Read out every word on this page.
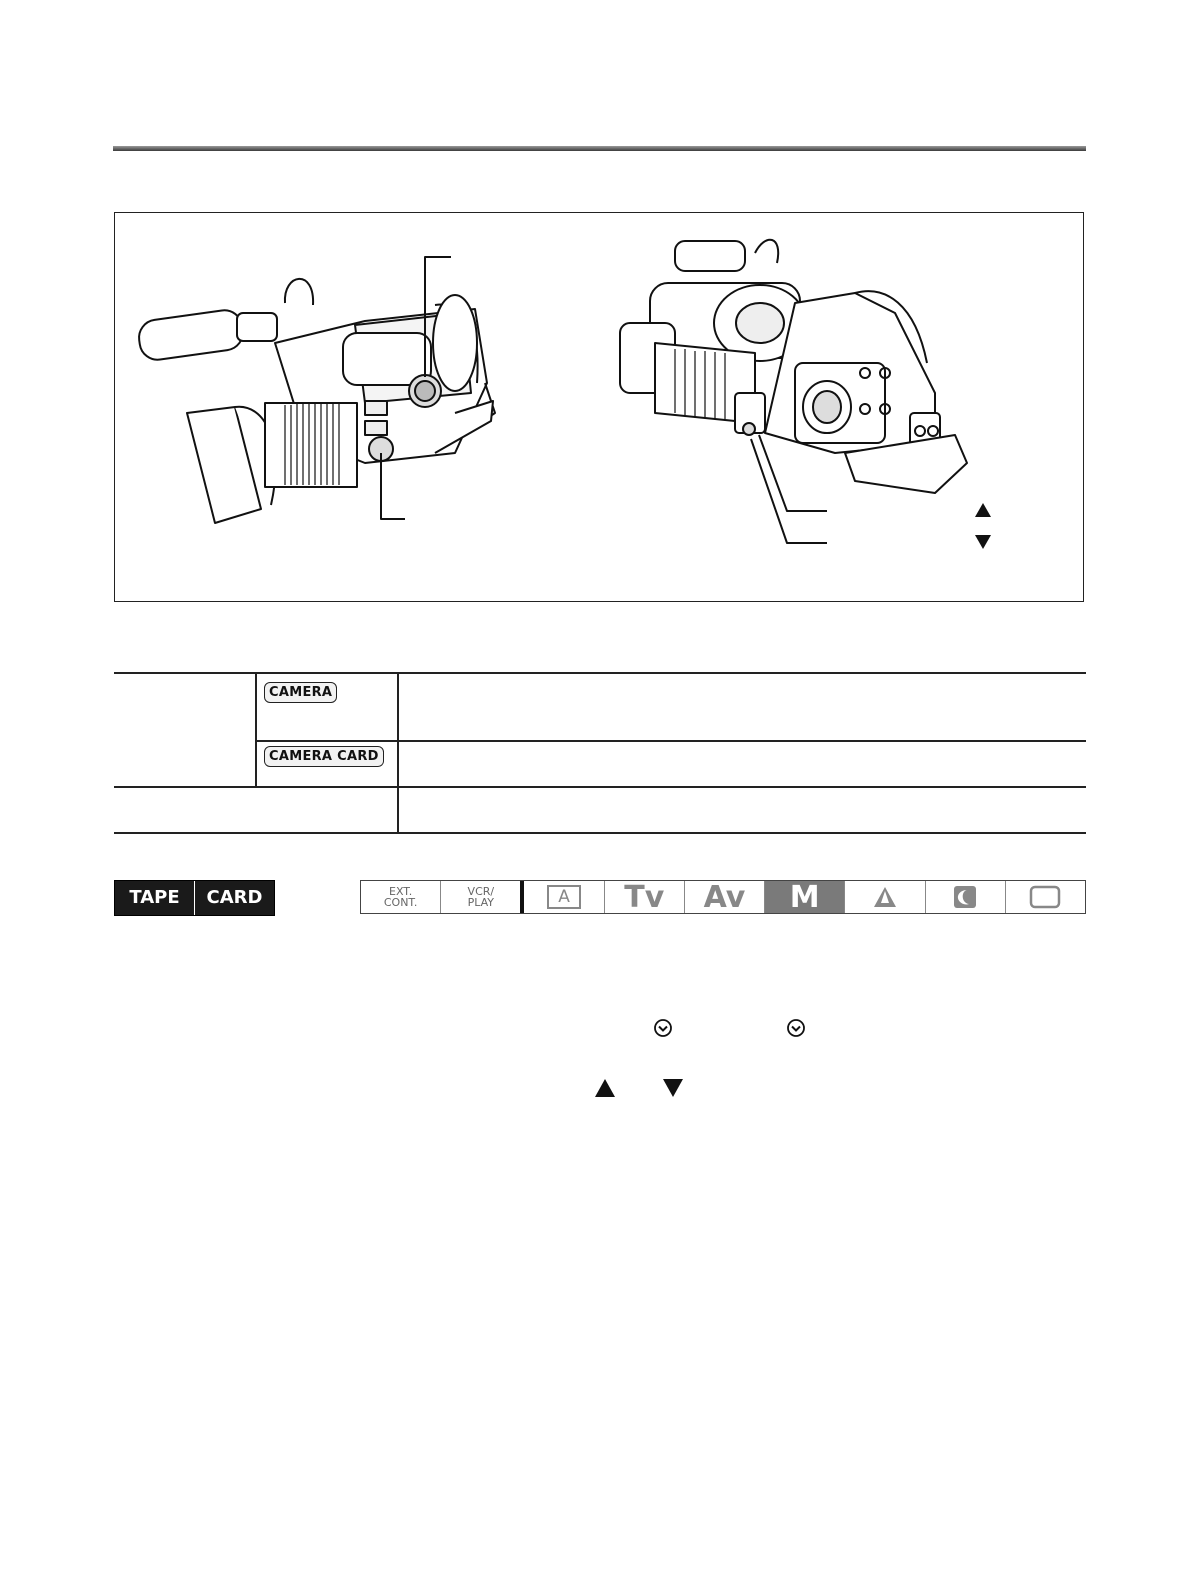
CAMERA
CAMERA CARD
TAPE	CARD	EXT.
CONT.
VCR/
PLAY	A Tv Av M
